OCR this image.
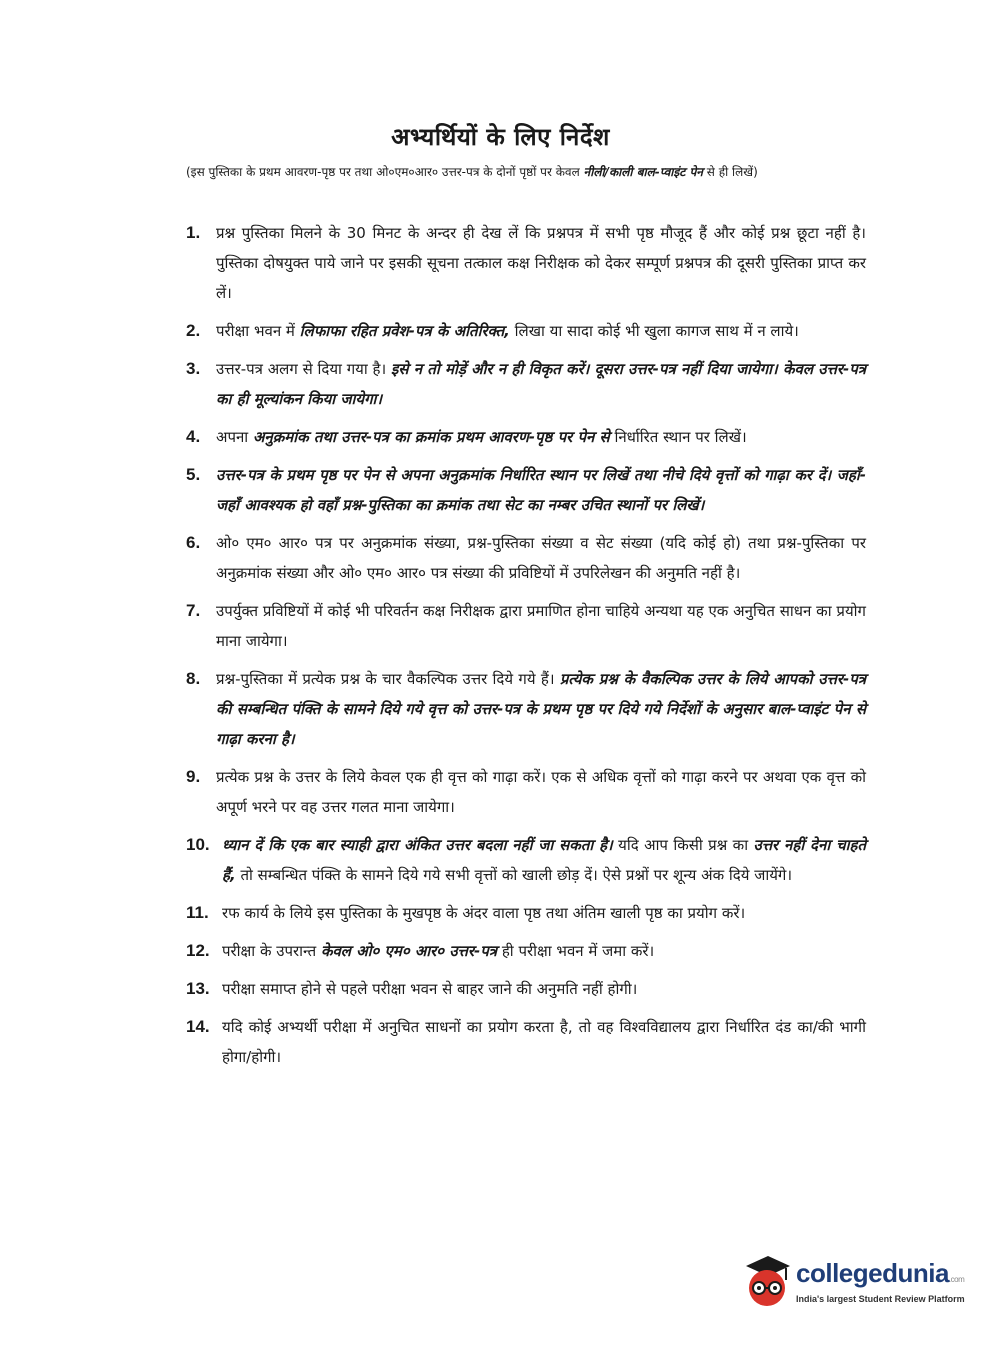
अभ्यर्थियों के लिए निर्देश
(इस पुस्तिका के प्रथम आवरण-पृष्ठ पर तथा ओ०एम०आर० उत्तर-पत्र के दोनों पृष्ठों पर केवल नीली/काली बाल-प्वाइंट पेन से ही लिखें)
1. प्रश्न पुस्तिका मिलने के 30 मिनट के अन्दर ही देख लें कि प्रश्नपत्र में सभी पृष्ठ मौजूद हैं और कोई प्रश्न छूटा नहीं है। पुस्तिका दोषयुक्त पाये जाने पर इसकी सूचना तत्काल कक्ष निरीक्षक को देकर सम्पूर्ण प्रश्नपत्र की दूसरी पुस्तिका प्राप्त कर लें।
2. परीक्षा भवन में लिफाफा रहित प्रवेश-पत्र के अतिरिक्त, लिखा या सादा कोई भी खुला कागज साथ में न लाये।
3. उत्तर-पत्र अलग से दिया गया है। इसे न तो मोड़ें और न ही विकृत करें। दूसरा उत्तर-पत्र नहीं दिया जायेगा। केवल उत्तर-पत्र का ही मूल्यांकन किया जायेगा।
4. अपना अनुक्रमांक तथा उत्तर-पत्र का क्रमांक प्रथम आवरण-पृष्ठ पर पेन से निर्धारित स्थान पर लिखें।
5. उत्तर-पत्र के प्रथम पृष्ठ पर पेन से अपना अनुक्रमांक निर्धारित स्थान पर लिखें तथा नीचे दिये वृत्तों को गाढ़ा कर दें। जहाँ-जहाँ आवश्यक हो वहाँ प्रश्न-पुस्तिका का क्रमांक तथा सेट का नम्बर उचित स्थानों पर लिखें।
6. ओ० एम० आर० पत्र पर अनुक्रमांक संख्या, प्रश्न-पुस्तिका संख्या व सेट संख्या (यदि कोई हो) तथा प्रश्न-पुस्तिका पर अनुक्रमांक संख्या और ओ० एम० आर० पत्र संख्या की प्रविष्टियों में उपरिलेखन की अनुमति नहीं है।
7. उपर्युक्त प्रविष्टियों में कोई भी परिवर्तन कक्ष निरीक्षक द्वारा प्रमाणित होना चाहिये अन्यथा यह एक अनुचित साधन का प्रयोग माना जायेगा।
8. प्रश्न-पुस्तिका में प्रत्येक प्रश्न के चार वैकल्पिक उत्तर दिये गये हैं। प्रत्येक प्रश्न के वैकल्पिक उत्तर के लिये आपको उत्तर-पत्र की सम्बन्धित पंक्ति के सामने दिये गये वृत्त को उत्तर-पत्र के प्रथम पृष्ठ पर दिये गये निर्देशों के अनुसार बाल-प्वाइंट पेन से गाढ़ा करना है।
9. प्रत्येक प्रश्न के उत्तर के लिये केवल एक ही वृत्त को गाढ़ा करें। एक से अधिक वृत्तों को गाढ़ा करने पर अथवा एक वृत्त को अपूर्ण भरने पर वह उत्तर गलत माना जायेगा।
10. ध्यान दें कि एक बार स्याही द्वारा अंकित उत्तर बदला नहीं जा सकता है। यदि आप किसी प्रश्न का उत्तर नहीं देना चाहते हैं, तो सम्बन्धित पंक्ति के सामने दिये गये सभी वृत्तों को खाली छोड़ दें। ऐसे प्रश्नों पर शून्य अंक दिये जायेंगे।
11. रफ कार्य के लिये इस पुस्तिका के मुखपृष्ठ के अंदर वाला पृष्ठ तथा अंतिम खाली पृष्ठ का प्रयोग करें।
12. परीक्षा के उपरान्त केवल ओ० एम० आर० उत्तर-पत्र ही परीक्षा भवन में जमा करें।
13. परीक्षा समाप्त होने से पहले परीक्षा भवन से बाहर जाने की अनुमति नहीं होगी।
14. यदि कोई अभ्यर्थी परीक्षा में अनुचित साधनों का प्रयोग करता है, तो वह विश्वविद्यालय द्वारा निर्धारित दंड का/की भागी होगा/होगी।
collegedunia.com
India's largest Student Review Platform
